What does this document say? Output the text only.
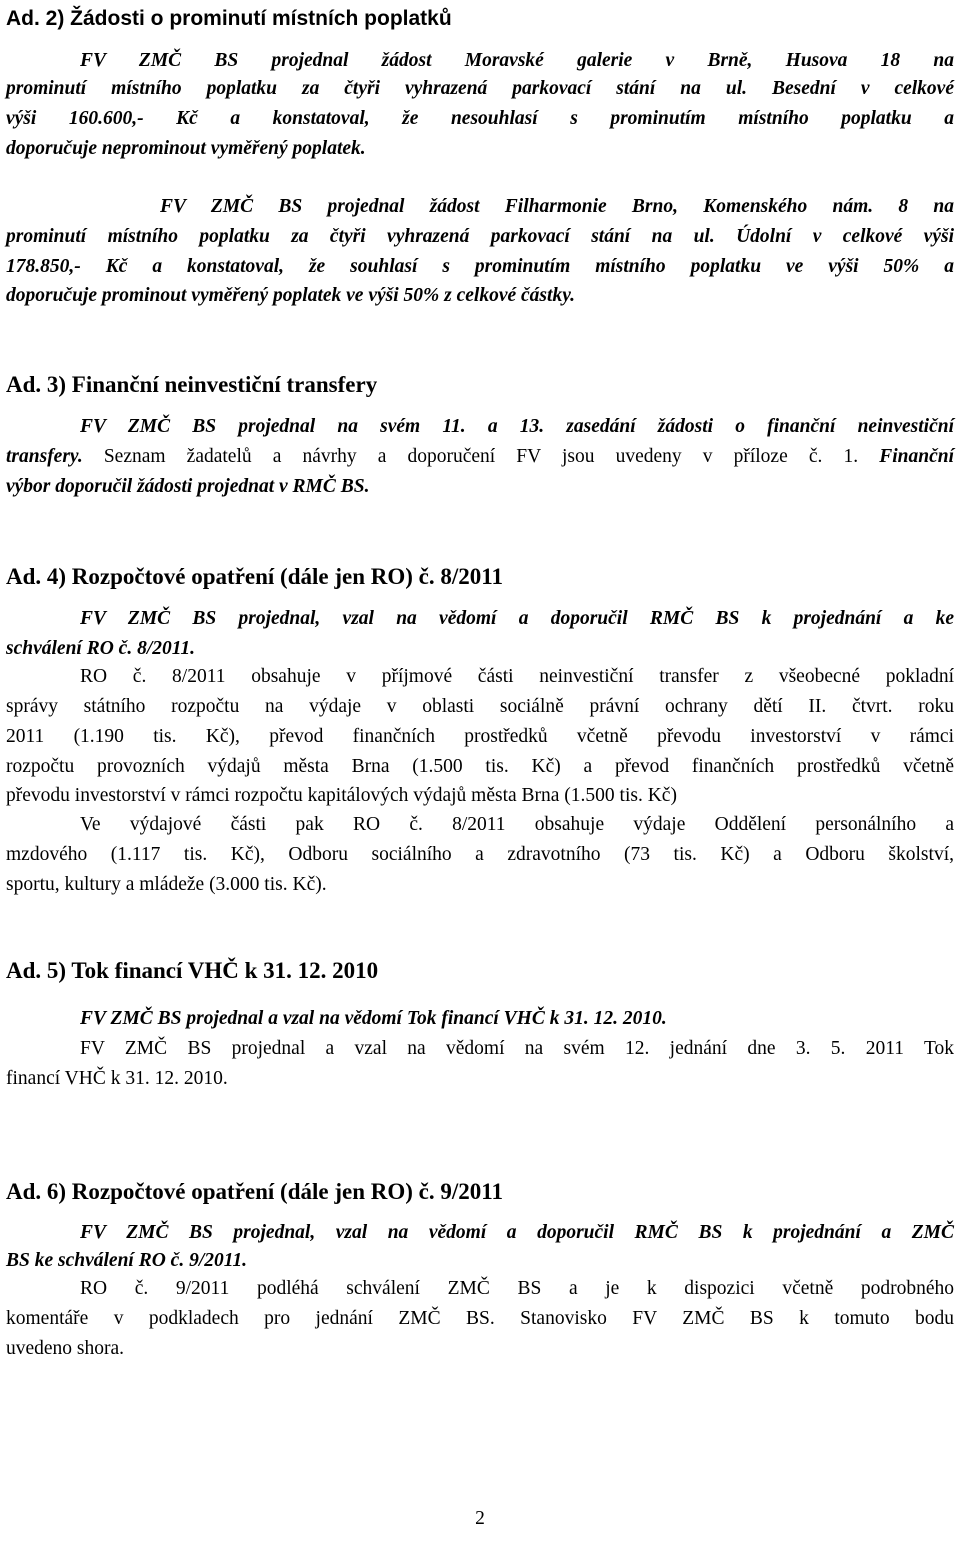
Ad. 2) Žádosti o prominutí místních poplatků
FV ZMČ BS projednal žádost Moravské galerie v Brně, Husova 18 na
prominutí místního poplatku za čtyři vyhrazená parkovací stání na ul. Besední v celkové
výši 160.600,- Kč a konstatoval, že nesouhlasí s prominutím místního poplatku a
doporučuje neprominout vyměřený poplatek.
FV ZMČ BS projednal žádost Filharmonie Brno, Komenského nám. 8 na
prominutí místního poplatku za čtyři vyhrazená parkovací stání na ul. Údolní v celkové výši
178.850,- Kč a konstatoval, že souhlasí s prominutím místního poplatku ve výši 50% a
doporučuje prominout vyměřený poplatek ve výši 50% z celkové částky.
Ad. 3) Finanční neinvestiční transfery
FV ZMČ BS projednal na svém 11. a 13. zasedání žádosti o finanční neinvestiční
transfery. Seznam žadatelů a návrhy a doporučení FV jsou uvedeny v příloze č. 1. Finanční
výbor doporučil žádosti projednat v RMČ BS.
Ad. 4) Rozpočtové opatření (dále jen RO) č. 8/2011
FV ZMČ BS projednal, vzal na vědomí a doporučil RMČ BS k projednání a ke
schválení RO č. 8/2011.
RO č. 8/2011 obsahuje v příjmové části neinvestiční transfer z všeobecné pokladní
správy státního rozpočtu na výdaje v oblasti sociálně právní ochrany dětí II. čtvrt. roku
2011 (1.190 tis. Kč), převod finančních prostředků včetně převodu investorství v rámci
rozpočtu provozních výdajů města Brna (1.500 tis. Kč) a převod finančních prostředků včetně
převodu investorství v rámci rozpočtu kapitálových výdajů města Brna (1.500 tis. Kč)
Ve výdajové části pak RO č. 8/2011 obsahuje výdaje Oddělení personálního a
mzdového (1.117 tis. Kč), Odboru sociálního a zdravotního (73 tis. Kč) a Odboru školství,
sportu, kultury a mládeže (3.000 tis. Kč).
Ad. 5) Tok financí VHČ k 31. 12. 2010
FV ZMČ BS projednal a vzal na vědomí Tok financí VHČ k 31. 12. 2010.
FV ZMČ BS projednal a vzal na vědomí na svém 12. jednání dne 3. 5. 2011 Tok
financí VHČ k 31. 12. 2010.
Ad. 6) Rozpočtové opatření (dále jen RO) č. 9/2011
FV ZMČ BS projednal, vzal na vědomí a doporučil RMČ BS k projednání a ZMČ
BS ke schválení RO č. 9/2011.
RO č. 9/2011 podléhá schválení ZMČ BS a je k dispozici včetně podrobného
komentáře v podkladech pro jednání ZMČ BS. Stanovisko FV ZMČ BS k tomuto bodu
uvedeno shora.
2
